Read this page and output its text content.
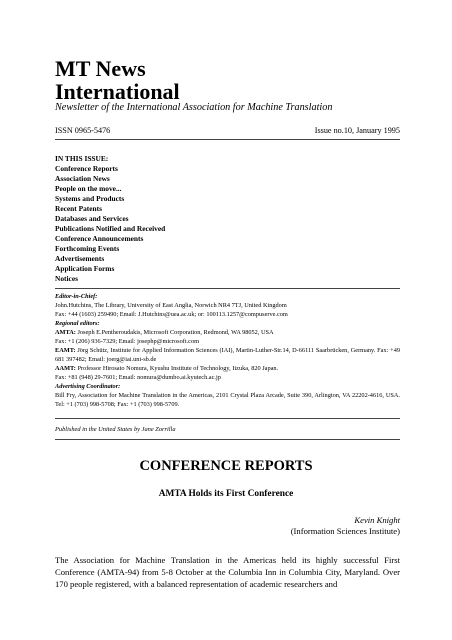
MT News
International
Newsletter of the International Association for Machine Translation
ISSN 0965-5476	Issue no.10, January 1995
IN THIS ISSUE:
Conference Reports
Association News
People on the move...
Systems and Products
Recent Patents
Databases and Services
Publications Notified and Received
Conference Announcements
Forthcoming Events
Advertisements
Application Forms
Notices
Editor-in-Chief:
John.Hutchins, The Library, University of East Anglia, Norwich NR4 7TJ, United Kingdom
Fax: +44 (1603) 259490; Email: J.Hutchins@uea.ac.uk; or: 100113.1257@compuserve.com
Regional editors:
AMTA: Joseph E.Pentheroudakis, Microsoft Corporation, Redmond, WA 98052, USA
Fax: +1 (206) 936-7329; Email: josephp@microsoft.com
EAMT: Jörg Schütz, Institute for Applied Information Sciences (IAI), Martin-Luther-Str.14, D-66111 Saarbrücken, Germany. Fax: +49 681 397482; Email: joerg@iai.uni-sb.de
AAMT: Professor Hirosato Nomura, Kyushu Institute of Technology, Iizuka, 820 Japan.
Fax: +81 (948) 29-7601; Email: nomura@dumbo.ai.kyutech.ac.jp
Advertising Coordinator:
Bill Fry, Association for Machine Translation in the Americas, 2101 Crystal Plaza Arcade, Suite 390, Arlington, VA 22202-4616, USA. Tel: +1 (703) 998-5708; Fax: +1 (703) 998-5709.
Published in the United States by Jane Zorrilla
CONFERENCE REPORTS
AMTA Holds its First Conference
Kevin Knight
(Information Sciences Institute)

The Association for Machine Translation in the Americas held its highly successful First Conference (AMTA-94) from 5-8 October at the Columbia Inn in Columbia City, Maryland. Over 170 people registered, with a balanced representation of academic researchers and
